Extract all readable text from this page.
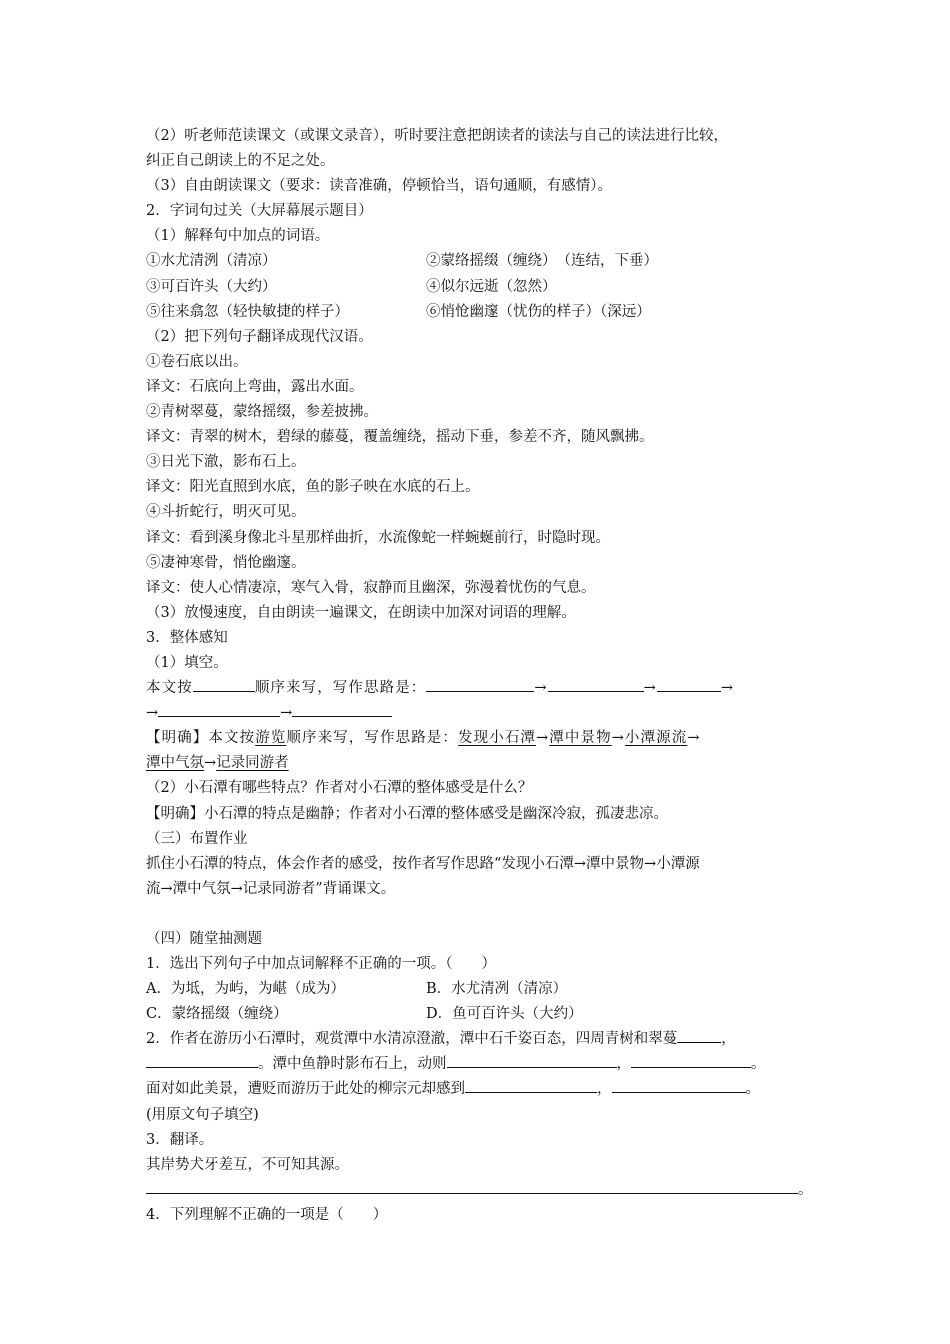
（2）听老师范读课文（或课文录音），听时要注意把朗读者的读法与自己的读法进行比较，
纠正自己朗读上的不足之处。
（3）自由朗读课文（要求：读音准确，停顿恰当，语句通顺，有感情）。
2．字词句过关（大屏幕展示题目）
（1）解释句中加点的词语。
①水尤清洌（清凉）	②蒙络摇缀（缠绕）　（连结，下垂）
③可百许头（大约）	④似尔远逝（忽然）
⑤往来翕忽（轻快敏捷的样子）	⑥悄怆幽邃（忧伤的样子）（深远）
（2）把下列句子翻译成现代汉语。
①卷石底以出。
译文：石底向上弯曲，露出水面。
②青树翠蔓，蒙络摇缀，参差披拂。
译文：青翠的树木，碧绿的藤蔓，覆盖缠绕，摇动下垂，参差不齐，随风飘拂。
③日光下澈，影布石上。
译文：阳光直照到水底，鱼的影子映在水底的石上。
④斗折蛇行，明灭可见。
译文：看到溪身像北斗星那样曲折，水流像蛇一样蜿蜒前行，时隐时现。
⑤凄神寒骨，悄怆幽邃。
译文：使人心情凄凉，寒气入骨，寂静而且幽深，弥漫着忧伤的气息。
（3）放慢速度，自由朗读一遍课文，在朗读中加深对词语的理解。
3．整体感知
（1）填空。
本文按	顺序来写，写作思路是：	→	→	→
→	→
【明确】本文按游览顺序来写，写作思路是：发现小石潭→潭中景物→小潭源流→
潭中气氛→记录同游者
（2）小石潭有哪些特点？作者对小石潭的整体感受是什么？
【明确】小石潭的特点是幽静；作者对小石潭的整体感受是幽深冷寂，孤凄悲凉。
（三）布置作业
抓住小石潭的特点，体会作者的感受，按作者写作思路“发现小石潭→潭中景物→小潭源
流→潭中气氛→记录同游者”背诵课文。
（四）随堂抽测题
1．选出下列句子中加点词解释不正确的一项。（　　）
A．为坻，为屿，为嵁（成为）	B．水尤清冽（清凉）
C．蒙络摇缀（缠绕）	D．鱼可百许头（大约）
2．作者在游历小石潭时，观赏潭中水清凉澄澈，潭中石千姿百态，四周青树和翠蔓	，
。潭中鱼静时影布石上，动则	，	。
面对如此美景，遭贬而游历于此处的柳宗元却感到	，	。
(用原文句子填空)
3．翻译。
其岸势犬牙差互，不可知其源。
。
4．下列理解不正确的一项是（　　）
